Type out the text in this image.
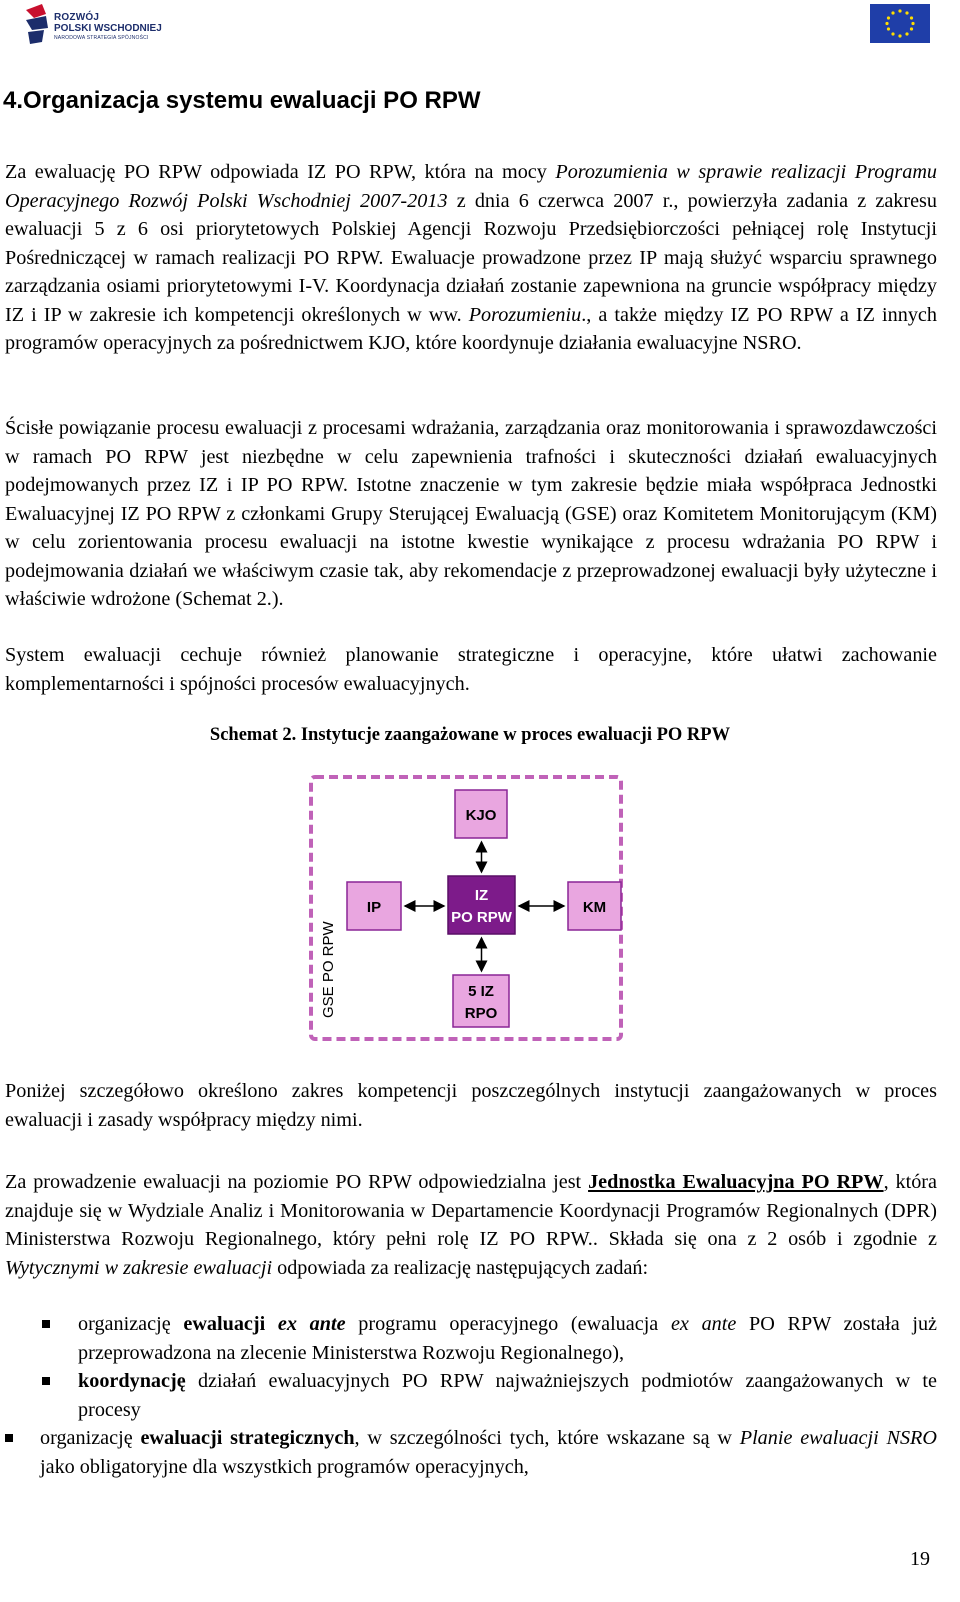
ROZWÓJ
POLSKI WSCHODNIEJ
NARODOWA STRATEGIA SPÓJNOŚCI
4.Organizacja systemu ewaluacji PO RPW

Za ewaluację PO RPW odpowiada IZ PO RPW, która na mocy Porozumienia w sprawie realizacji Programu Operacyjnego Rozwój Polski Wschodniej 2007-2013 z dnia 6 czerwca 2007 r., powierzyła zadania z zakresu ewaluacji 5 z 6 osi priorytetowych Polskiej Agencji Rozwoju Przedsiębiorczości pełniącej rolę Instytucji Pośredniczącej w ramach realizacji PO RPW. Ewaluacje prowadzone przez IP mają służyć wsparciu sprawnego zarządzania osiami priorytetowymi I-V. Koordynacja działań zostanie zapewniona na gruncie współpracy między IZ i IP w zakresie ich kompetencji określonych w ww. Porozumieniu., a także między IZ PO RPW a IZ innych programów operacyjnych za pośrednictwem KJO, które koordynuje działania ewaluacyjne NSRO.

Ścisłe powiązanie procesu ewaluacji z procesami wdrażania, zarządzania oraz monitorowania i sprawozdawczości w ramach PO RPW jest niezbędne w celu zapewnienia trafności i skuteczności działań ewaluacyjnych podejmowanych przez IZ i IP PO RPW. Istotne znaczenie w tym zakresie będzie miała współpraca Jednostki Ewaluacyjnej IZ PO RPW z członkami Grupy Sterującej Ewaluacją (GSE) oraz Komitetem Monitorującym (KM) w celu zorientowania procesu ewaluacji na istotne kwestie wynikające z procesu wdrażania PO RPW i podejmowania działań we właściwym czasie tak, aby rekomendacje z przeprowadzonej ewaluacji były użyteczne i właściwie wdrożone (Schemat 2.).

System ewaluacji cechuje również planowanie strategiczne i operacyjne, które ułatwi zachowanie komplementarności i spójności procesów ewaluacyjnych.

Schemat 2. Instytucje zaangażowane w proces ewaluacji PO RPW
GSE PO RPW
KJO
IP
IZ
PO RPW
KM
5 IZ
RPO

Poniżej szczegółowo określono zakres kompetencji poszczególnych instytucji zaangażowanych w proces ewaluacji i zasady współpracy między nimi.

Za prowadzenie ewaluacji na poziomie PO RPW odpowiedzialna jest Jednostka Ewaluacyjna PO RPW, która znajduje się w Wydziale Analiz i Monitorowania w Departamencie Koordynacji Programów Regionalnych (DPR) Ministerstwa Rozwoju Regionalnego, który pełni rolę IZ PO RPW.. Składa się ona z 2 osób i zgodnie z Wytycznymi w zakresie ewaluacji odpowiada za realizację następujących zadań:

organizację ewaluacji ex ante programu operacyjnego (ewaluacja ex ante PO RPW została już przeprowadzona na zlecenie Ministerstwa Rozwoju Regionalnego),
koordynację działań ewaluacyjnych PO RPW najważniejszych podmiotów zaangażowanych w te procesy
organizację ewaluacji strategicznych, w szczególności tych, które wskazane są w Planie ewaluacji NSRO jako obligatoryjne dla wszystkich programów operacyjnych,
19
